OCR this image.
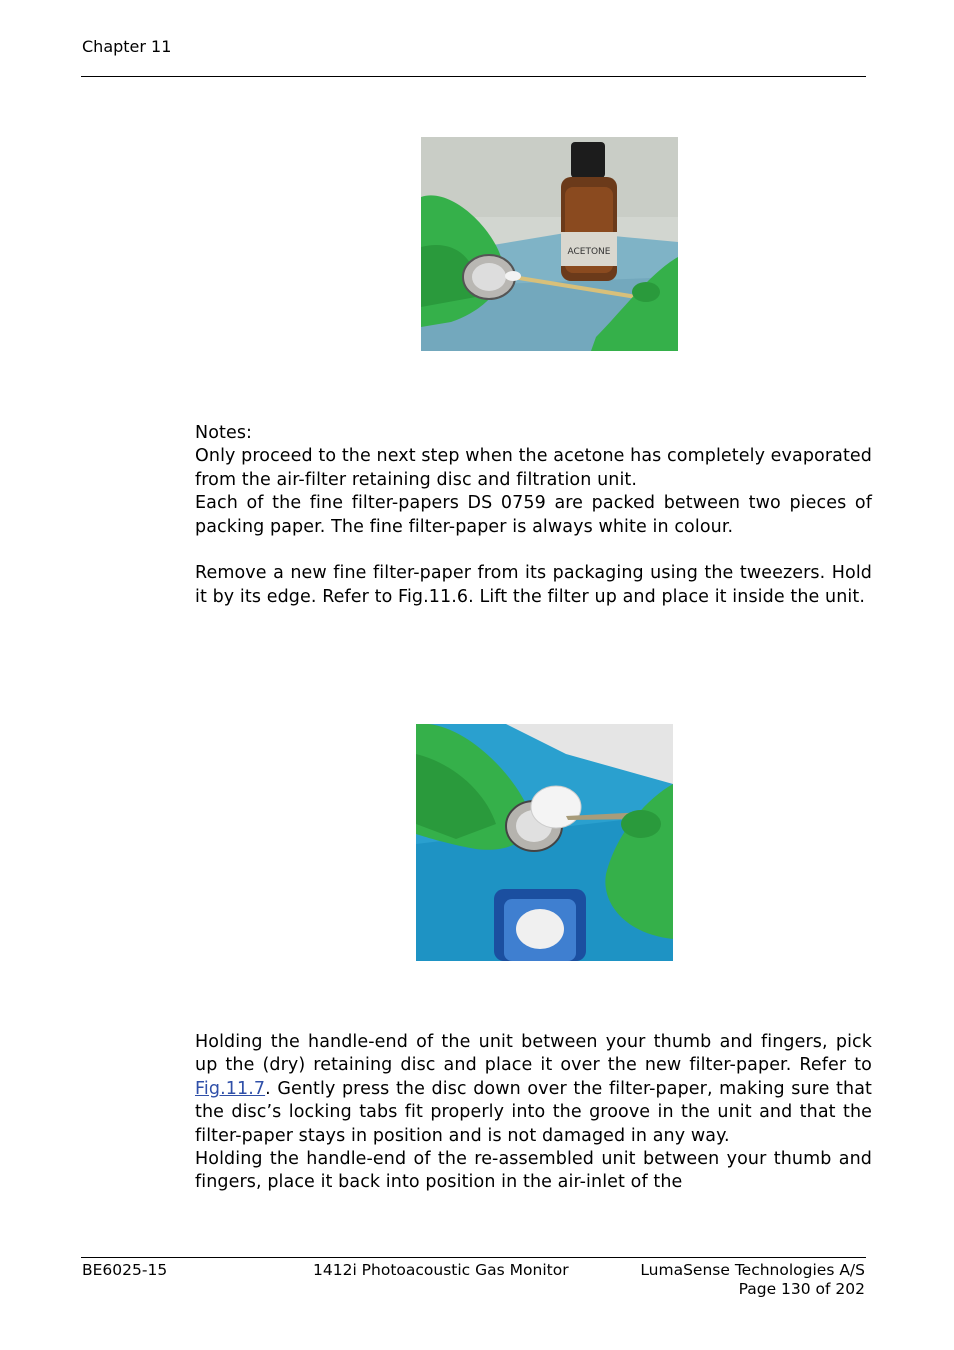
Chapter 11
ACETONE

Notes:

Only proceed to the next step when the acetone has completely evaporated from the air-filter retaining disc and filtration unit.

Each of the fine filter-papers DS 0759 are packed between two pieces of packing paper. The fine filter-paper is always white in colour.

Remove a new fine filter-paper from its packaging using the tweezers. Hold it by its edge. Refer to Fig.11.6. Lift the filter up and place it inside the unit.

Holding the handle-end of the unit between your thumb and fingers, pick up the (dry) retaining disc and place it over the new filter-paper. Refer to Fig.11.7. Gently press the disc down over the filter-paper, making sure that the disc’s locking tabs fit properly into the groove in the unit and that the filter-paper stays in position and is not damaged in any way.

Holding the handle-end of the re-assembled unit between your thumb and fingers, place it back into position in the air-inlet of the

BE6025-15	1412i Photoacoustic Gas Monitor	LumaSense Technologies A/S
Page 130 of 202
